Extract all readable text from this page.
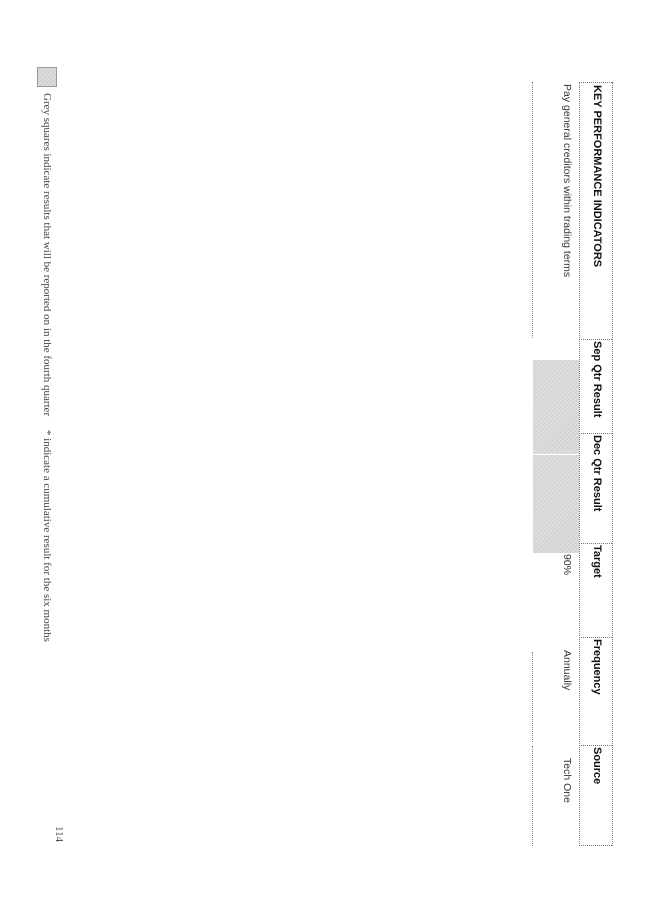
KEY PERFORMANCE INDICATORS
Sep Qtr Result
Dec Qtr Result
Target
Frequency
Source
Pay general creditors within trading terms
90%
Annually
Tech One
Grey squares indicate results that will be reported on in the fourth quarter     * indicate a cumulative result for the six months
114
